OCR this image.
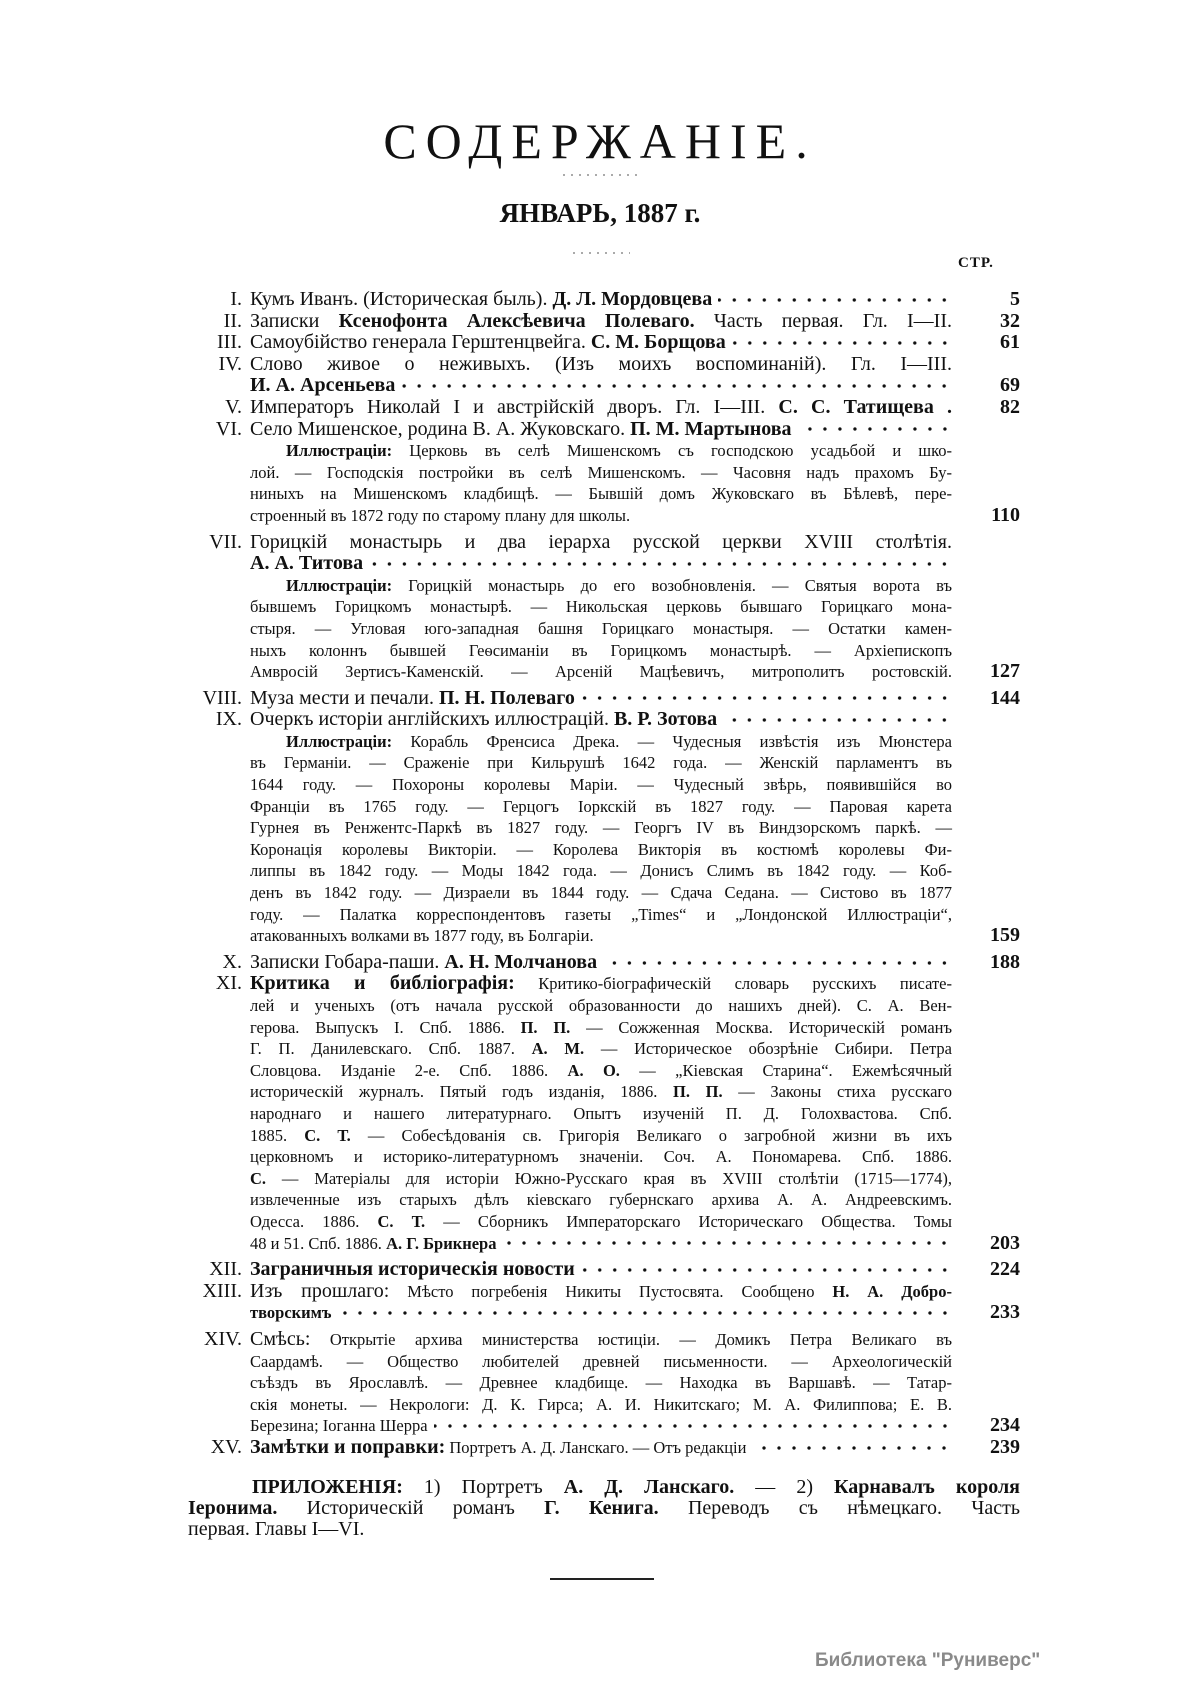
СОДЕРЖАНІЕ.
ЯНВАРЬ, 1887 г.
СТР.
I. Кумъ Иванъ. (Историческая быль). Д. Л. Мордовцева	5
II. Записки Ксенофонта Алексѣевича Полеваго. Часть первая. Гл. I—II.	32
III. Самоубійство генерала Герштенцвейга. С. М. Борщова	61
IV. Слово живое о неживыхъ. (Изъ моихъ воспоминаній). Гл. I—III.
И. А. Арсеньева	69
V. Императоръ Николай I и австрійскій дворъ. Гл. I—III. С. С. Татищева .	82
VI. Село Мишенское, родина В. А. Жуковскаго. П. М. Мартынова
Иллюстраціи: Церковь въ селѣ Мишенскомъ съ господскою усадьбой и шко-
лой. — Господскія постройки въ селѣ Мишенскомъ. — Часовня надъ прахомъ Бу-
ниныхъ на Мишенскомъ кладбищѣ. — Бывшій домъ Жуковскаго въ Бѣлевѣ, пере-
строенный въ 1872 году по старому плану для школы.	110
VII. Горицкій монастырь и два іерарха русской церкви XVIII столѣтія.
А. А. Титова
Иллюстраціи: Горицкій монастырь до его возобновленія. — Святыя ворота въ
бывшемъ Горицкомъ монастырѣ. — Никольская церковь бывшаго Горицкаго мона-
стыря. — Угловая юго-западная башня Горицкаго монастыря. — Остатки камен-
ныхъ колоннъ бывшей Геѳсиманіи въ Горицкомъ монастырѣ. — Архіепископъ
Амвросій Зертисъ-Каменскій. — Арсеній Мацѣевичъ, митрополитъ ростовскій.	127
VIII. Муза мести и печали. П. Н. Полеваго	144
IX. Очеркъ исторіи англійскихъ иллюстрацій. В. Р. Зотова
Иллюстраціи: Корабль Френсиса Дрека. — Чудесныя извѣстія изъ Мюнстера
въ Германіи. — Сраженіе при Кильрушѣ 1642 года. — Женскій парламентъ въ
1644 году. — Похороны королевы Маріи. — Чудесный звѣрь, появившійся во
Франціи въ 1765 году. — Герцогъ Іоркскій въ 1827 году. — Паровая карета
Гурнея въ Ренжентс-Паркѣ въ 1827 году. — Георгъ IV въ Виндзорскомъ паркѣ. —
Коронація королевы Викторіи. — Королева Викторія въ костюмѣ королевы Фи-
липпы въ 1842 году. — Моды 1842 года. — Донисъ Слимъ въ 1842 году. — Коб-
денъ въ 1842 году. — Дизраели въ 1844 году. — Сдача Седана. — Систово въ 1877
году. — Палатка корреспондентовъ газеты „Times“ и „Лондонской Иллюстраціи“,
атакованныхъ волками въ 1877 году, въ Болгаріи.	159
X. Записки Гобара-паши. А. Н. Молчанова	188
XI. Критика и библіографія: Критико-біографическій словарь русскихъ писате-
лей и ученыхъ (отъ начала русской образованности до нашихъ дней). С. А. Вен-
герова. Выпускъ I. Спб. 1886. П. П. — Сожженная Москва. Историческій романъ
Г. П. Данилевскаго. Спб. 1887. А. М. — Историческое обозрѣніе Сибири. Петра
Словцова. Изданіе 2-е. Спб. 1886. А. О. — „Кіевская Старина“. Ежемѣсячный
историческій журналъ. Пятый годъ изданія, 1886. П. П. — Законы стиха русскаго
народнаго и нашего литературнаго. Опытъ изученій П. Д. Голохвастова. Спб.
1885. С. Т. — Собесѣдованія св. Григорія Великаго о загробной жизни въ ихъ
церковномъ и историко-литературномъ значеніи. Соч. А. Пономарева. Спб. 1886.
С. — Матеріалы для исторіи Южно-Русскаго края въ XVIII столѣтіи (1715—1774),
извлеченные изъ старыхъ дѣлъ кіевскаго губернскаго архива А. А. Андреевскимъ.
Одесса. 1886. С. Т. — Сборникъ Императорскаго Историческаго Общества. Томы
48 и 51. Спб. 1886. А. Г. Брикнера	203
XII. Заграничныя историческія новости	224
XIII. Изъ прошлаго: Мѣсто погребенія Никиты Пустосвята. Сообщено Н. А. Добро-
творскимъ	233
XIV. Смѣсь: Открытіе архива министерства юстиціи. — Домикъ Петра Великаго въ
Саардамѣ. — Общество любителей древней письменности. — Археологическій
съѣздъ въ Ярославлѣ. — Древнее кладбище. — Находка въ Варшавѣ. — Татар-
скія монеты. — Некрологи: Д. К. Гирса; А. И. Никитскаго; М. А. Филиппова; Е. В.
Березина; Іоганна Шерра	234
XV. Замѣтки и поправки: Портретъ А. Д. Ланскаго. — Отъ редакціи	239
ПРИЛОЖЕНІЯ: 1) Портретъ А. Д. Ланскаго. — 2) Карнавалъ короля
Іеронима. Историческій романъ Г. Кенига. Переводъ съ нѣмецкаго. Часть
первая. Главы I—VI.
Библиотека "Руниверс"
